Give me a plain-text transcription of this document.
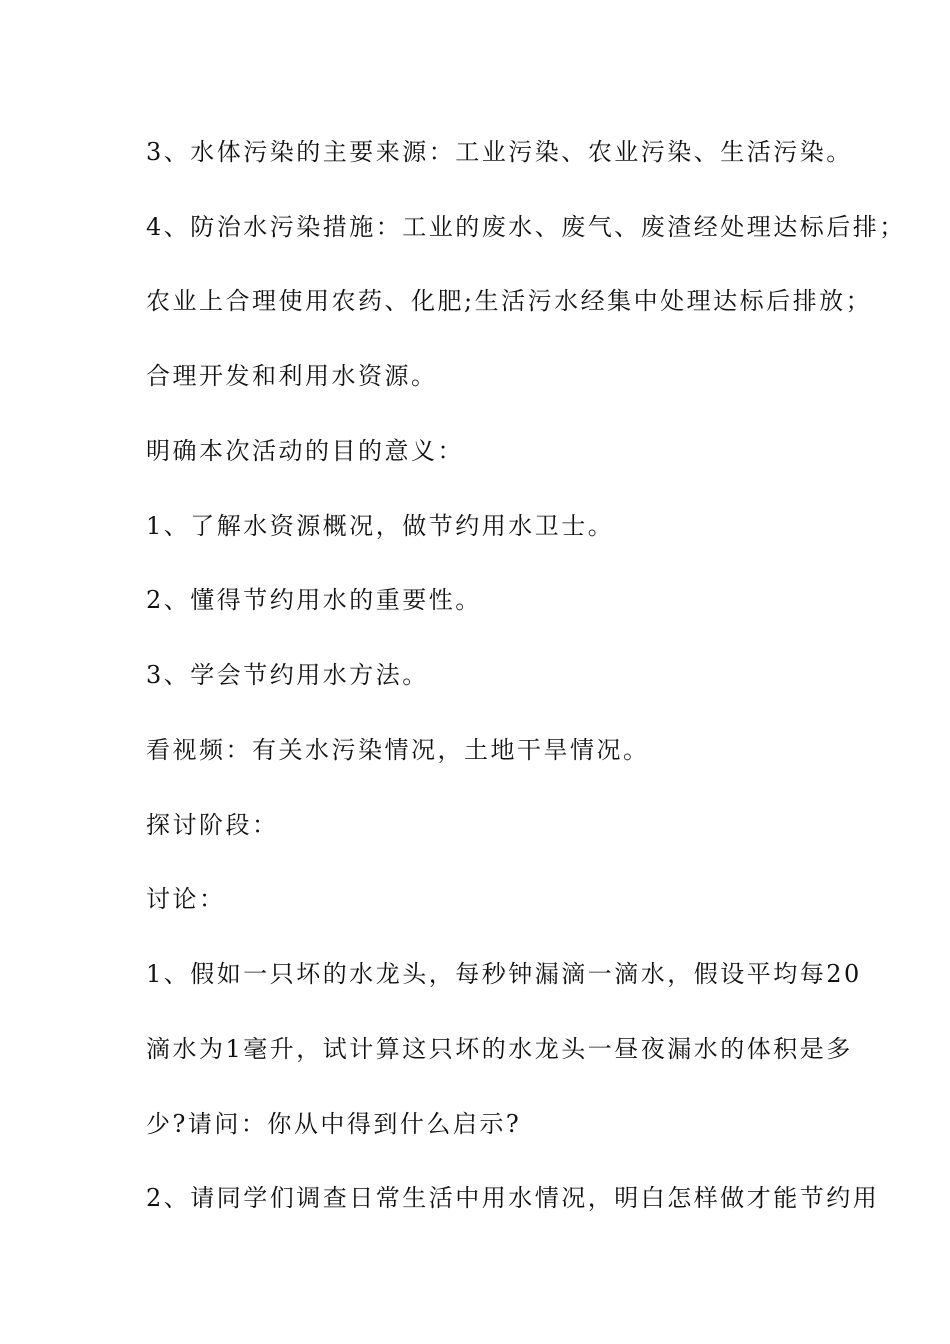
3、水体污染的主要来源：工业污染、农业污染、生活污染。
4、防治水污染措施：工业的废水、废气、废渣经处理达标后排；
农业上合理使用农药、化肥;生活污水经集中处理达标后排放；
合理开发和利用水资源。
明确本次活动的目的意义：
1、了解水资源概况，做节约用水卫士。
2、懂得节约用水的重要性。
3、学会节约用水方法。
看视频：有关水污染情况，土地干旱情况。
探讨阶段：
讨论：
1、假如一只坏的水龙头，每秒钟漏滴一滴水，假设平均每20
滴水为1毫升，试计算这只坏的水龙头一昼夜漏水的体积是多
少?请问：你从中得到什么启示?
2、请同学们调查日常生活中用水情况，明白怎样做才能节约用
